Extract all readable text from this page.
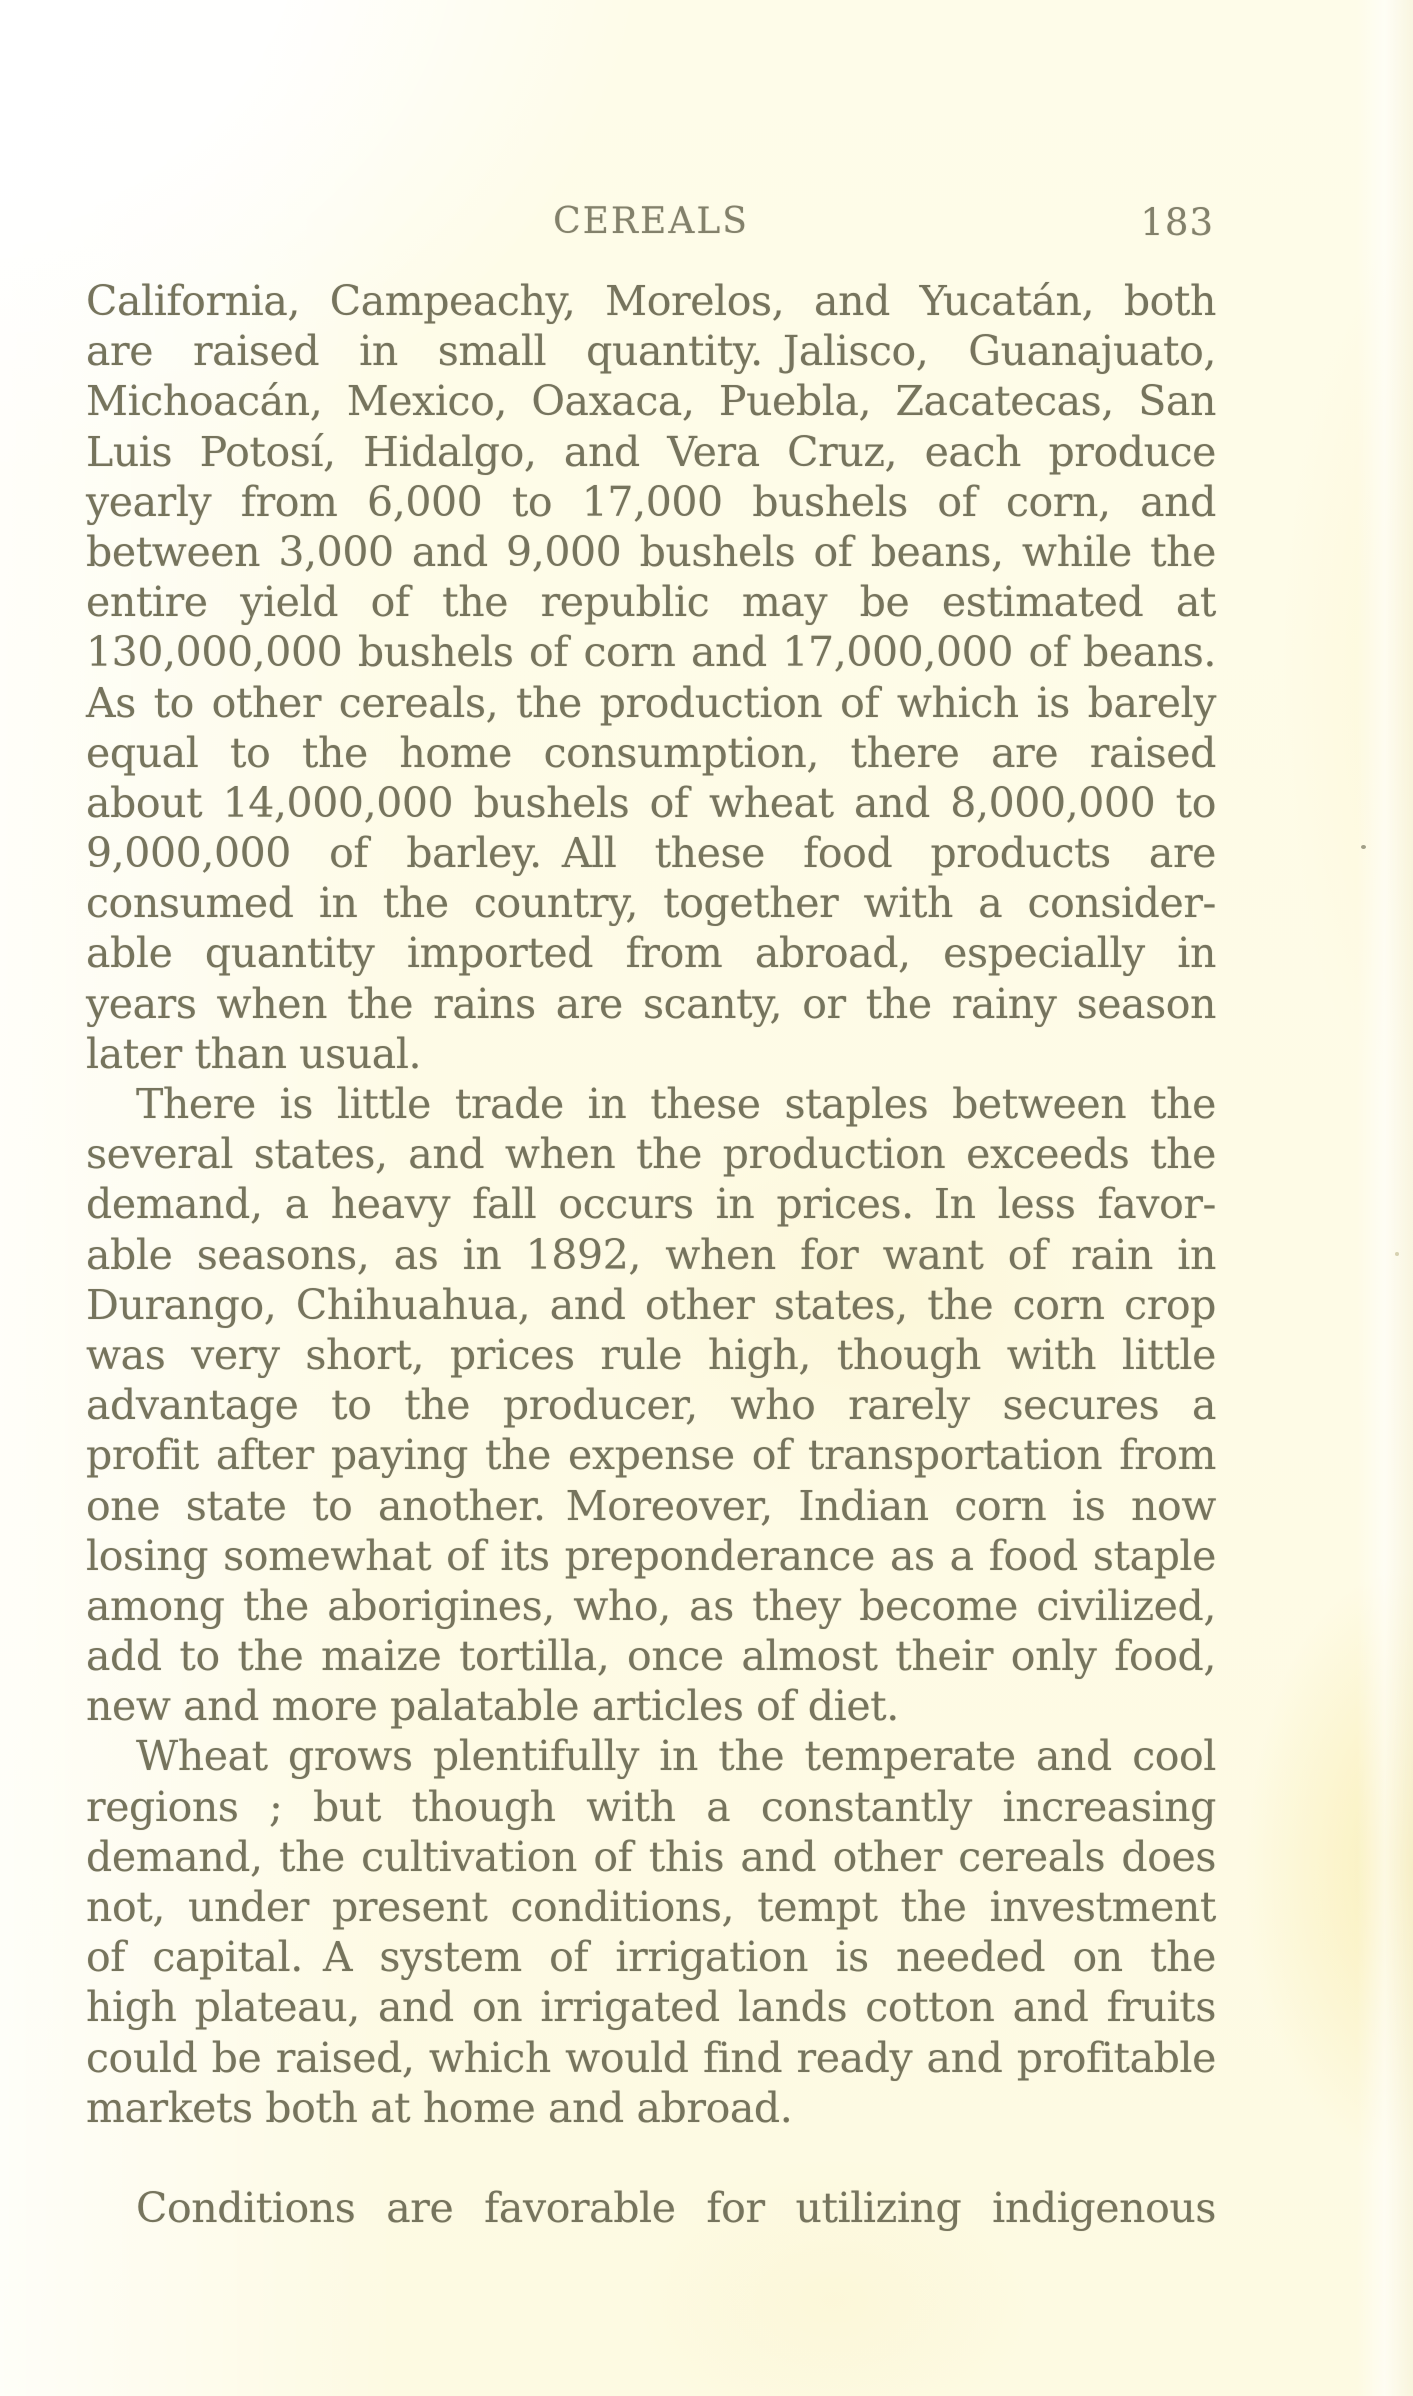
CEREALS	183
California, Campeachy, Morelos, and Yucatán, both
are raised in small quantity. Jalisco, Guanajuato,
Michoacán, Mexico, Oaxaca, Puebla, Zacatecas, San
Luis Potosí, Hidalgo, and Vera Cruz, each produce
yearly from 6,000 to 17,000 bushels of corn, and
between 3,000 and 9,000 bushels of beans, while the
entire yield of the republic may be estimated at
130,000,000 bushels of corn and 17,000,000 of beans.
As to other cereals, the production of which is barely
equal to the home consumption, there are raised
about 14,000,000 bushels of wheat and 8,000,000 to
9,000,000 of barley. All these food products are
consumed in the country, together with a consider-
able quantity imported from abroad, especially in
years when the rains are scanty, or the rainy season
later than usual.
There is little trade in these staples between the
several states, and when the production exceeds the
demand, a heavy fall occurs in prices. In less favor-
able seasons, as in 1892, when for want of rain in
Durango, Chihuahua, and other states, the corn crop
was very short, prices rule high, though with little
advantage to the producer, who rarely secures a
profit after paying the expense of transportation from
one state to another. Moreover, Indian corn is now
losing somewhat of its preponderance as a food staple
among the aborigines, who, as they become civilized,
add to the maize tortilla, once almost their only food,
new and more palatable articles of diet.
Wheat grows plentifully in the temperate and cool
regions ; but though with a constantly increasing
demand, the cultivation of this and other cereals does
not, under present conditions, tempt the investment
of capital. A system of irrigation is needed on the
high plateau, and on irrigated lands cotton and fruits
could be raised, which would find ready and profitable
markets both at home and abroad.
Conditions are favorable for utilizing indigenous
